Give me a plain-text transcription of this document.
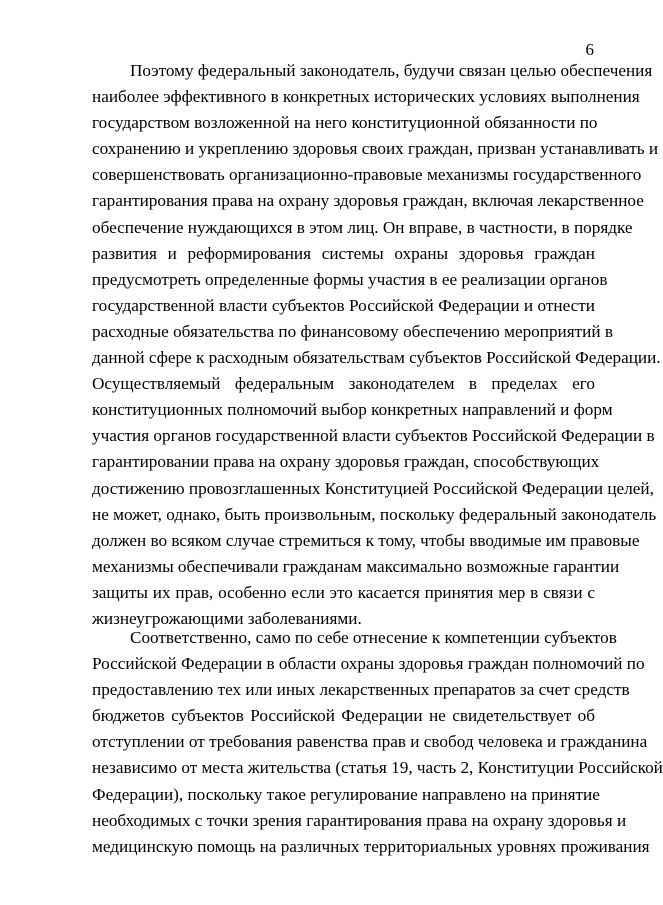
6
Поэтому федеральный законодатель, будучи связан целью обеспечения
наиболее эффективного в конкретных исторических условиях выполнения
государством возложенной на него конституционной обязанности по
сохранению и укреплению здоровья своих граждан, призван устанавливать и
совершенствовать организационно-правовые механизмы государственного
гарантирования права на охрану здоровья граждан, включая лекарственное
обеспечение нуждающихся в этом лиц. Он вправе, в частности, в порядке
развития и реформирования системы охраны здоровья граждан
предусмотреть определенные формы участия в ее реализации органов
государственной власти субъектов Российской Федерации и отнести
расходные обязательства по финансовому обеспечению мероприятий в
данной сфере к расходным обязательствам субъектов Российской Федерации.
Осуществляемый федеральным законодателем в пределах его
конституционных полномочий выбор конкретных направлений и форм
участия органов государственной власти субъектов Российской Федерации в
гарантировании права на охрану здоровья граждан, способствующих
достижению провозглашенных Конституцией Российской Федерации целей,
не может, однако, быть произвольным, поскольку федеральный законодатель
должен во всяком случае стремиться к тому, чтобы вводимые им правовые
механизмы обеспечивали гражданам максимально возможные гарантии
защиты их прав, особенно если это касается принятия мер в связи с
жизнеугрожающими заболеваниями.
Соответственно, само по себе отнесение к компетенции субъектов
Российской Федерации в области охраны здоровья граждан полномочий по
предоставлению тех или иных лекарственных препаратов за счет средств
бюджетов субъектов Российской Федерации не свидетельствует об
отступлении от требования равенства прав и свобод человека и гражданина
независимо от места жительства (статья 19, часть 2, Конституции Российской
Федерации), поскольку такое регулирование направлено на принятие
необходимых с точки зрения гарантирования права на охрану здоровья и
медицинскую помощь на различных территориальных уровнях проживания
